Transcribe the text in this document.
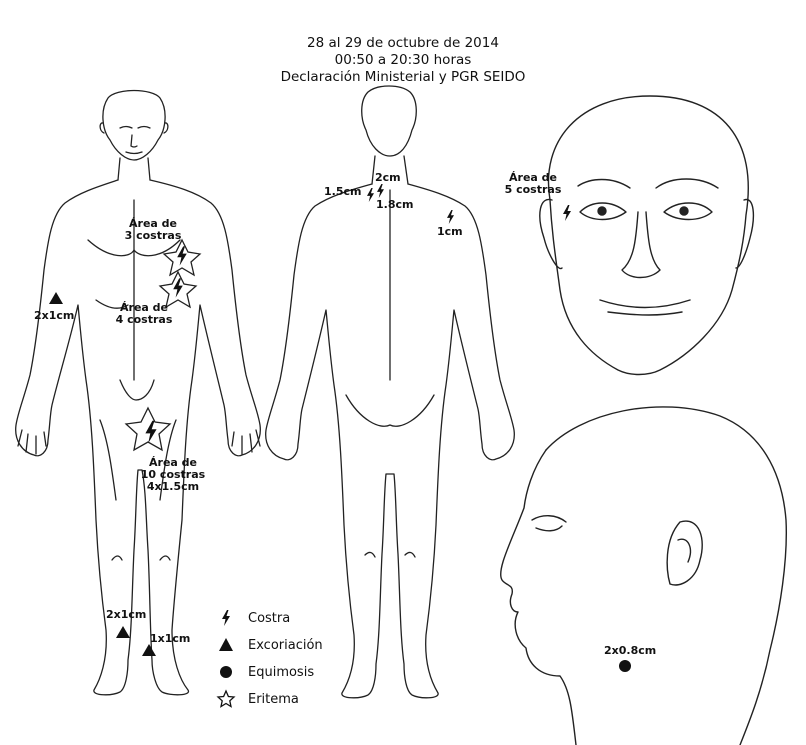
28 al 29 de octubre de 2014
00:50 a 20:30 horas
Declaración Ministerial y PGR SEIDO
Área de
3 costras
Área de
4 costras
2x1cm
Área de
10 costras
4x1.5cm
2x1cm
1x1cm
2cm
1.5cm
1.8cm
1cm
Área de
5 costras
2x0.8cm
Costra
Excoriación
Equimosis
Eritema
